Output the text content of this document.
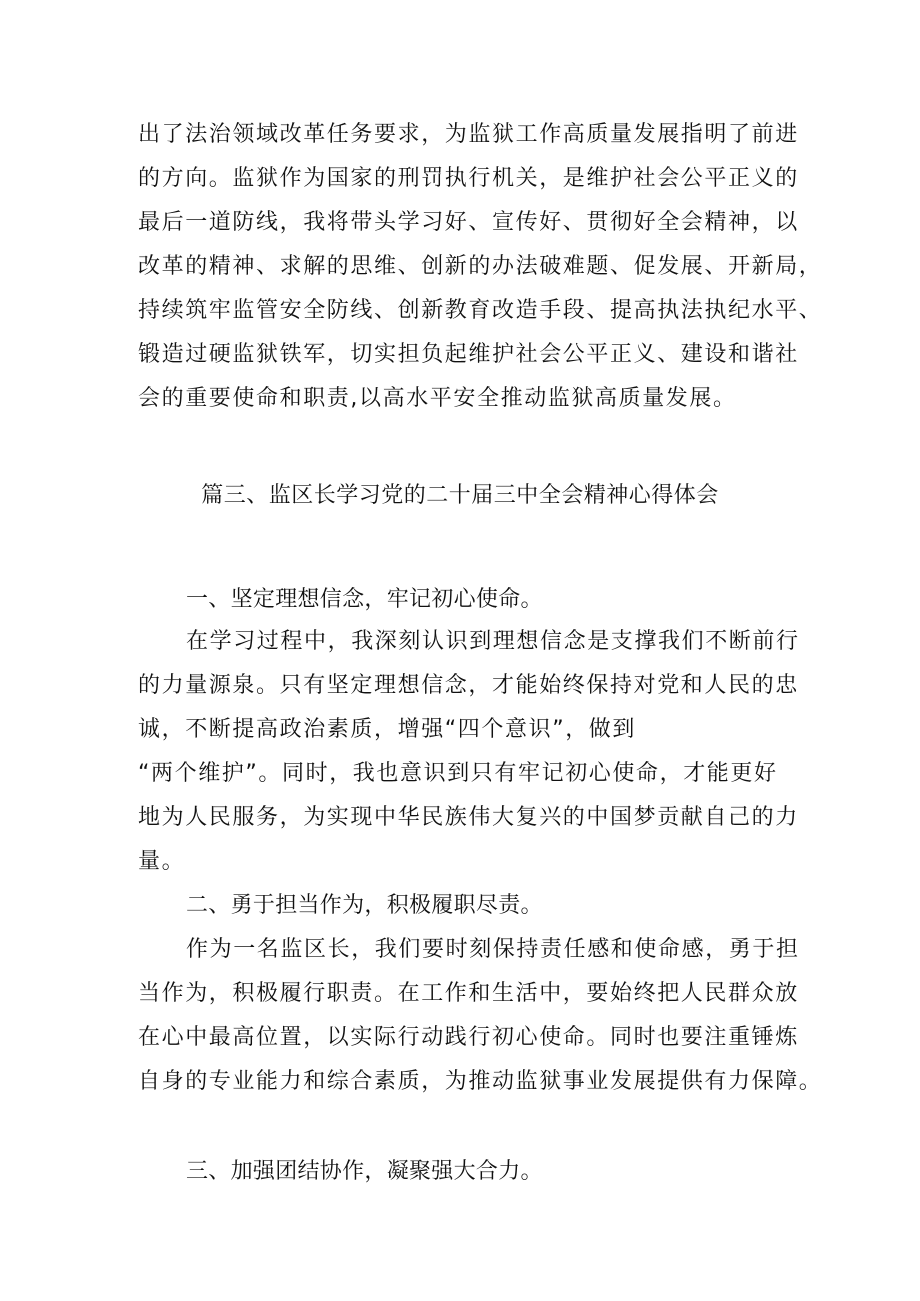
出了法治领域改革任务要求，为监狱工作高质量发展指明了前进
的方向。监狱作为国家的刑罚执行机关，是维护社会公平正义的
最后一道防线，我将带头学习好、宣传好、贯彻好全会精神，以
改革的精神、求解的思维、创新的办法破难题、促发展、开新局，
持续筑牢监管安全防线、创新教育改造手段、提高执法执纪水平、
锻造过硬监狱铁军，切实担负起维护社会公平正义、建设和谐社
会的重要使命和职责,以高水平安全推动监狱高质量发展。
篇三、监区长学习党的二十届三中全会精神心得体会
一、坚定理想信念，牢记初心使命。
在学习过程中，我深刻认识到理想信念是支撑我们不断前行
的力量源泉。只有坚定理想信念，才能始终保持对党和人民的忠
诚，不断提高政治素质，增强“四个意识”，做到
“两个维护”。同时，我也意识到只有牢记初心使命，才能更好
地为人民服务，为实现中华民族伟大复兴的中国梦贡献自己的力
量。
二、勇于担当作为，积极履职尽责。
作为一名监区长，我们要时刻保持责任感和使命感，勇于担
当作为，积极履行职责。在工作和生活中，要始终把人民群众放
在心中最高位置，以实际行动践行初心使命。同时也要注重锤炼
自身的专业能力和综合素质，为推动监狱事业发展提供有力保障。
三、加强团结协作，凝聚强大合力。
